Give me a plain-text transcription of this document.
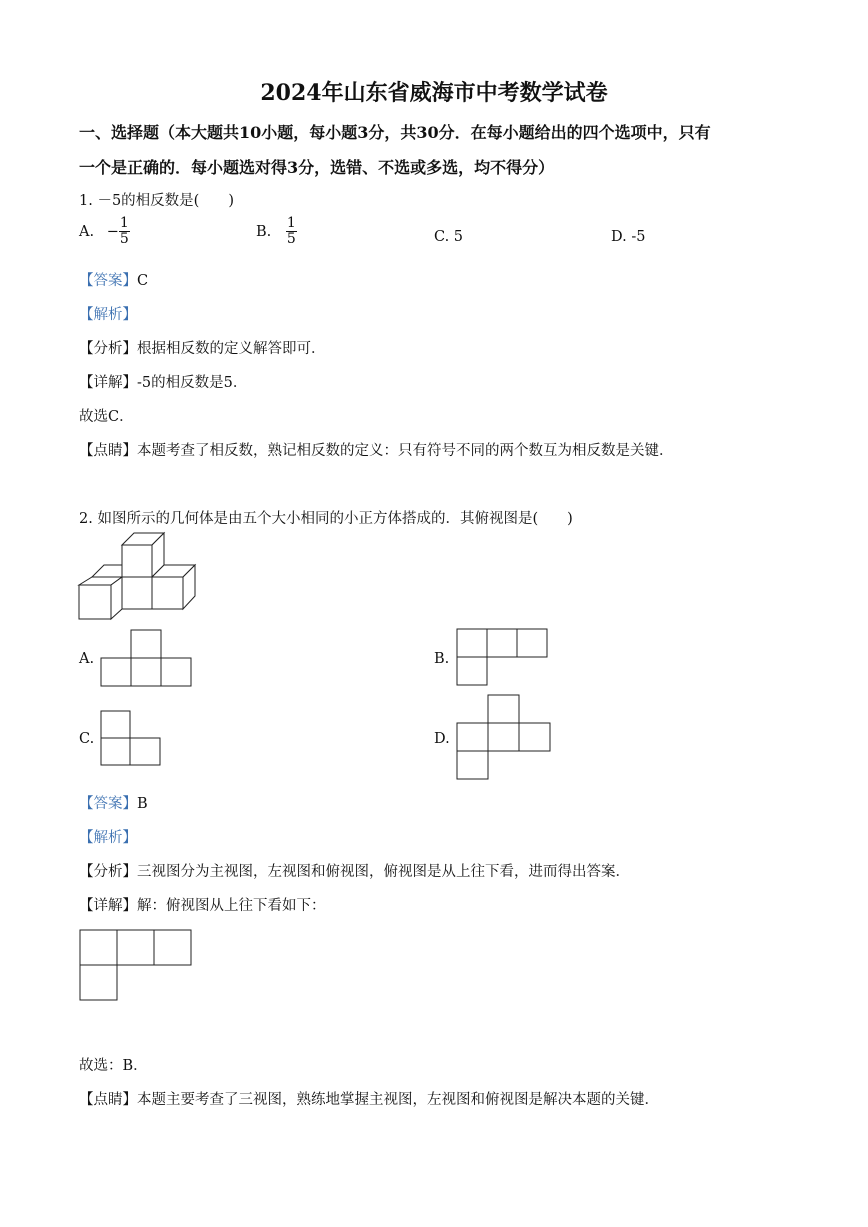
2024年山东省威海市中考数学试卷
一、选择题（本大题共10小题，每小题3分，共30分．在每小题给出的四个选项中，只有
一个是正确的．每小题选对得3分，选错、不选或多选，均不得分）
1. －5的相反数是(　　)
A. − $\frac{1}{5}$	B. $\frac{1}{5}$	C. 5	D. -5
【答案】C
【解析】
【分析】根据相反数的定义解答即可．
【详解】-5的相反数是5．
故选C．
【点睛】本题考查了相反数，熟记相反数的定义：只有符号不同的两个数互为相反数是关键．
2. 如图所示的几何体是由五个大小相同的小正方体搭成的．其俯视图是(　　)
A.	B.
C.	D.
【答案】B
【解析】
【分析】三视图分为主视图，左视图和俯视图，俯视图是从上往下看，进而得出答案．
【详解】解：俯视图从上往下看如下：
故选：B．
【点睛】本题主要考查了三视图，熟练地掌握主视图，左视图和俯视图是解决本题的关键．
